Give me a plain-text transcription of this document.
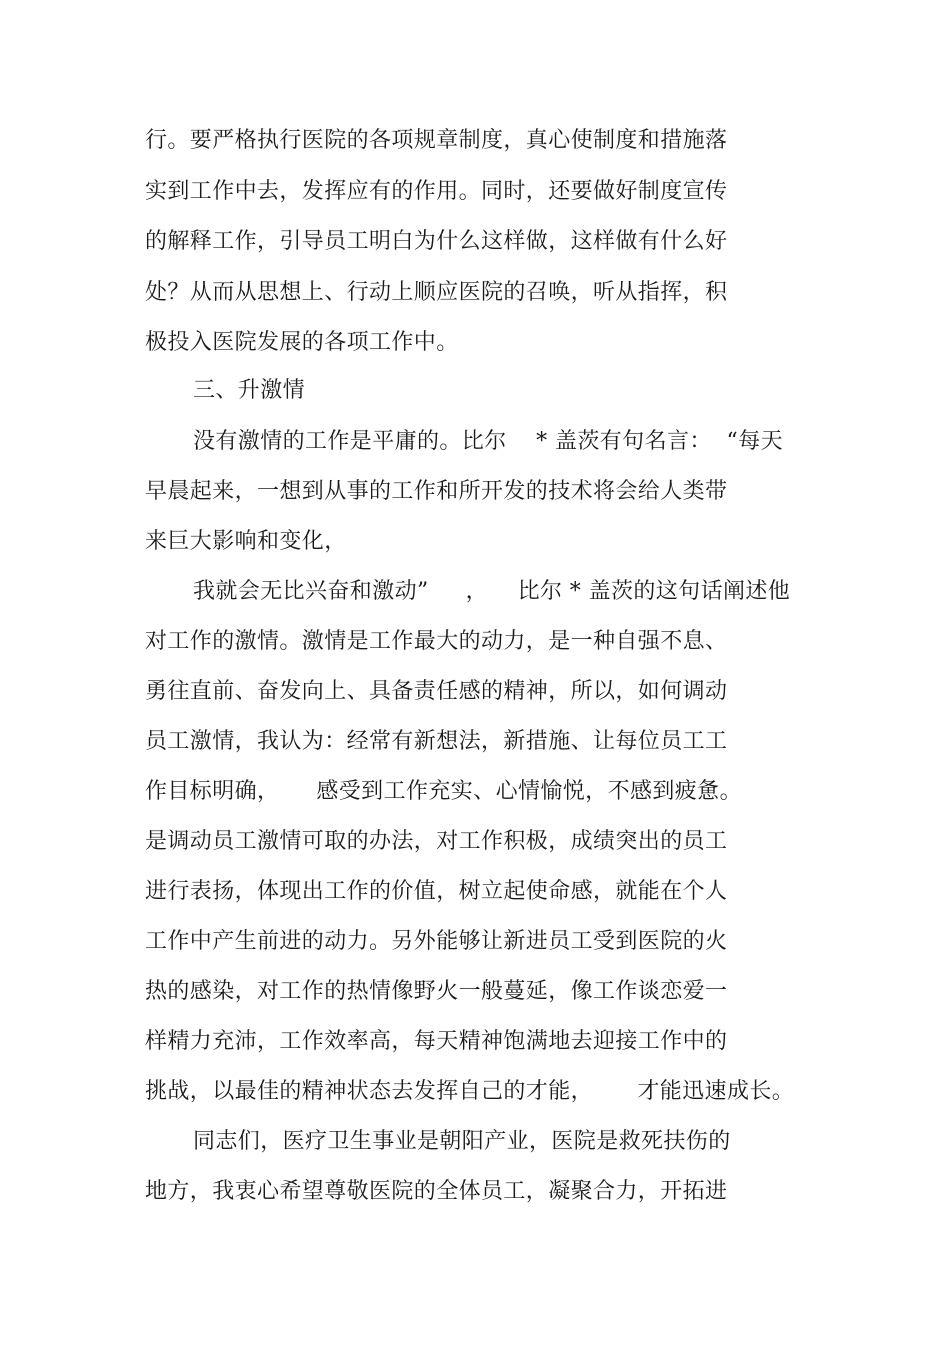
行。要严格执行医院的各项规章制度，真心使制度和措施落
实到工作中去，发挥应有的作用。同时，还要做好制度宣传
的解释工作，引导员工明白为什么这样做，这样做有什么好
处？从而从思想上、行动上顺应医院的召唤，听从指挥，积
极投入医院发展的各项工作中。
三、升激情
没有激情的工作是平庸的。比尔    * 盖茨有句名言：  “每天
早晨起来，一想到从事的工作和所开发的技术将会给人类带
来巨大影响和变化，
我就会无比兴奋和激动”     ，    比尔 * 盖茨的这句话阐述他
对工作的激情。激情是工作最大的动力，是一种自强不息、
勇往直前、奋发向上、具备责任感的精神，所以，如何调动
员工激情，我认为：经常有新想法，新措施、让每位员工工
作目标明确，     感受到工作充实、心情愉悦，不感到疲惫。
是调动员工激情可取的办法，对工作积极，成绩突出的员工
进行表扬，体现出工作的价值，树立起使命感，就能在个人
工作中产生前进的动力。另外能够让新进员工受到医院的火
热的感染，对工作的热情像野火一般蔓延，像工作谈恋爱一
样精力充沛，工作效率高，每天精神饱满地去迎接工作中的
挑战，以最佳的精神状态去发挥自己的才能，      才能迅速成长。
同志们，医疗卫生事业是朝阳产业，医院是救死扶伤的
地方，我衷心希望尊敬医院的全体员工，凝聚合力，开拓进
